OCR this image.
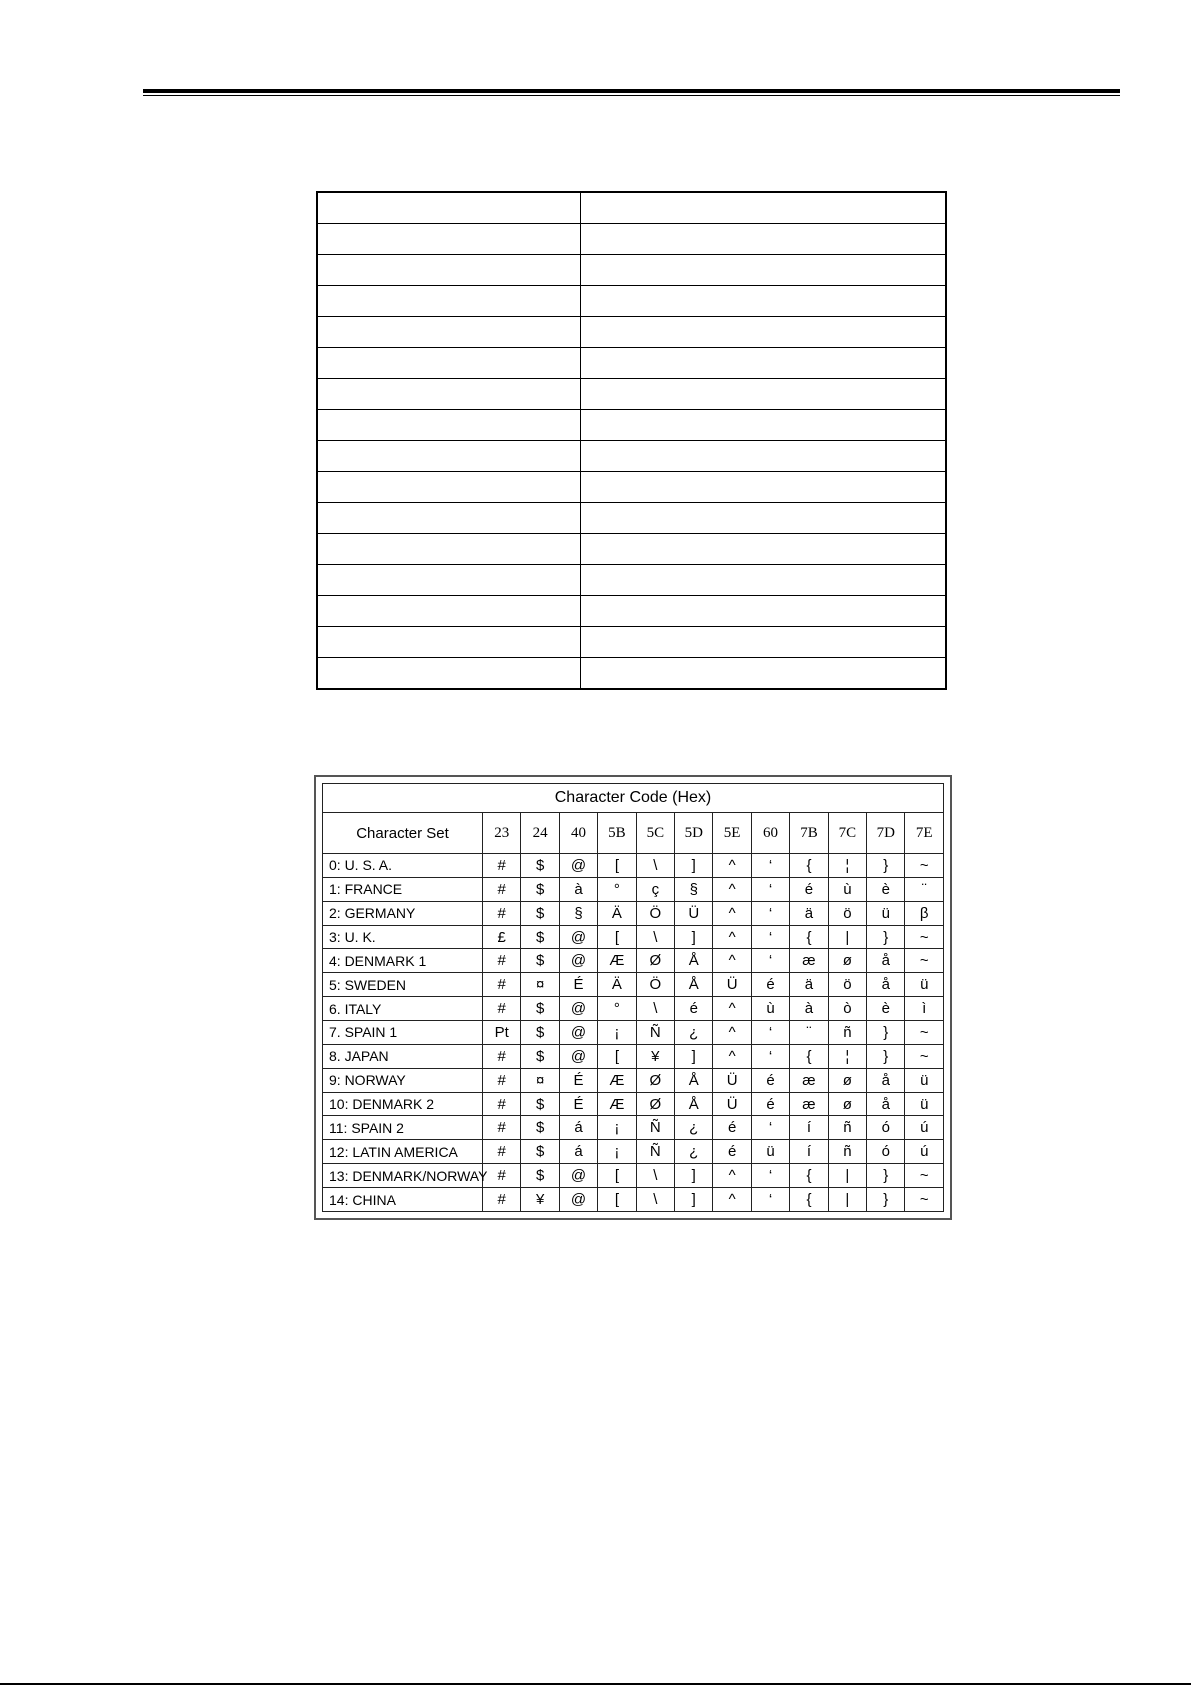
Character Code (Hex)												
Character Set	23	24	40	5B	5C	5D	5E	60	7B	7C	7D	7E
0: U. S. A.	#	$	@	[	\	]	^	‘	{	¦	}	~
1: FRANCE	#	$	à	°	ç	§	^	‘	é	ù	è	¨
2: GERMANY	#	$	§	Ä	Ö	Ü	^	‘	ä	ö	ü	β
3: U. K.	£	$	@	[	\	]	^	‘	{	|	}	~
4: DENMARK 1	#	$	@	Æ	Ø	Å	^	‘	æ	ø	å	~
5: SWEDEN	#	¤	É	Ä	Ö	Å	Ü	é	ä	ö	å	ü
6. ITALY	#	$	@	°	\	é	^	ù	à	ò	è	ì
7. SPAIN 1	Pt	$	@	¡	Ñ	¿	^	‘	¨	ñ	}	~
8. JAPAN	#	$	@	[	¥	]	^	‘	{	¦	}	~
9: NORWAY	#	¤	É	Æ	Ø	Å	Ü	é	æ	ø	å	ü
10: DENMARK 2	#	$	É	Æ	Ø	Å	Ü	é	æ	ø	å	ü
11: SPAIN 2	#	$	á	¡	Ñ	¿	é	‘	í	ñ	ó	ú
12: LATIN AMERICA	#	$	á	¡	Ñ	¿	é	ü	í	ñ	ó	ú
13: DENMARK/NORWAY	#	$	@	[	\	]	^	‘	{	|	}	~
14: CHINA	#	¥	@	[	\	]	^	‘	{	|	}	~
